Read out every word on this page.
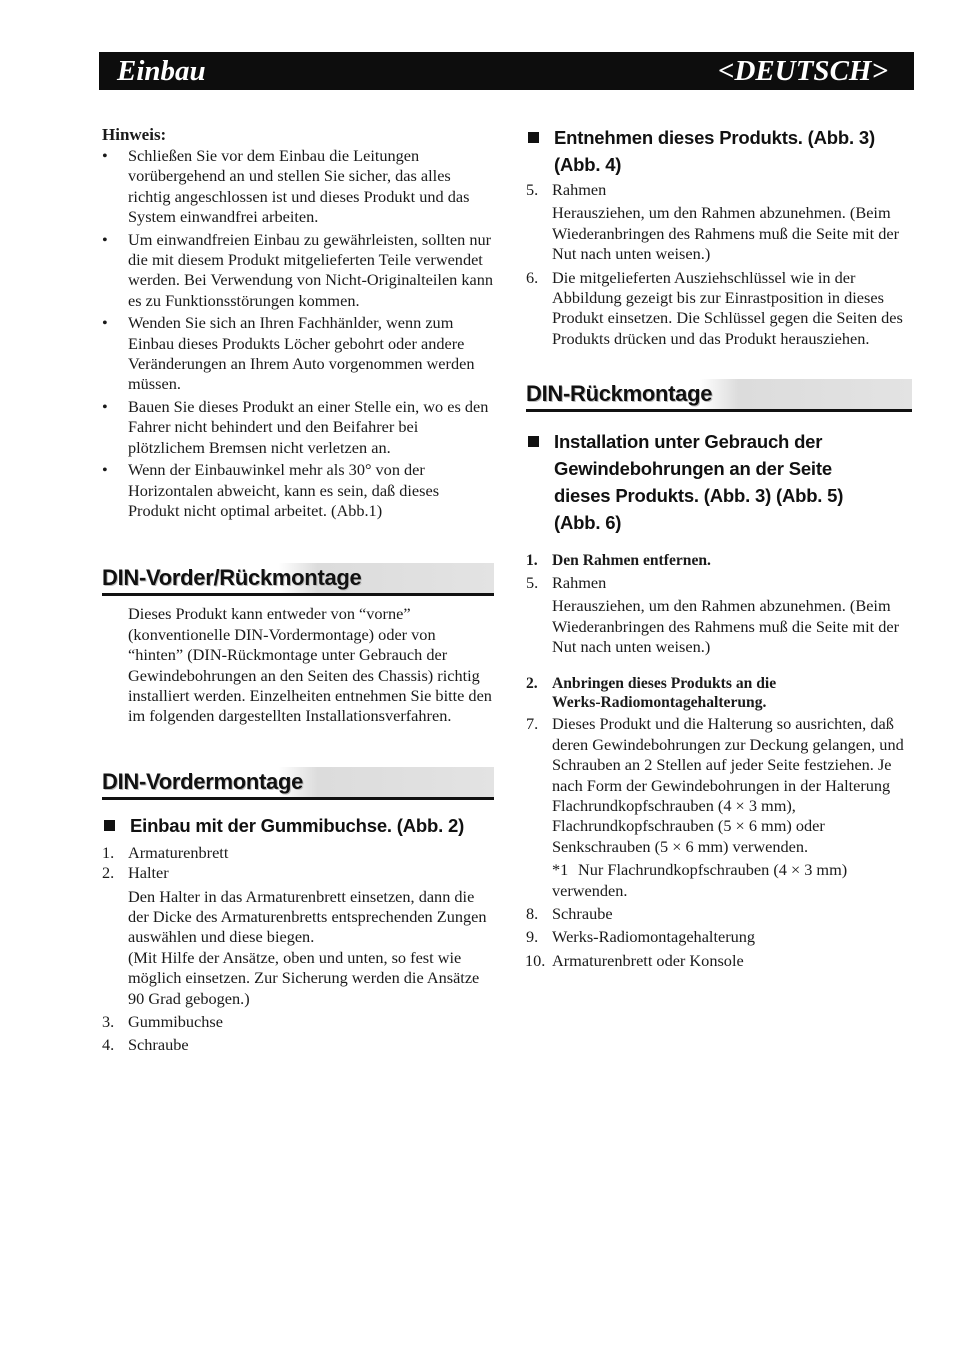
Einbau	<DEUTSCH>

Hinweis:

• Schließen Sie vor dem Einbau die Leitungen vorübergehend an und stellen Sie sicher, das alles richtig angeschlossen ist und dieses Produkt und das System einwandfrei arbeiten.
• Um einwandfreien Einbau zu gewährleisten, sollten nur die mit diesem Produkt mitgelieferten Teile verwendet werden. Bei Verwendung von Nicht-Originalteilen kann es zu Funktionsstörungen kommen.
• Wenden Sie sich an Ihren Fachhänlder, wenn zum Einbau dieses Produkts Löcher gebohrt oder andere Veränderungen an Ihrem Auto vorgenommen werden müssen.
• Bauen Sie dieses Produkt an einer Stelle ein, wo es den Fahrer nicht behindert und den Beifahrer bei plötzlichem Bremsen nicht verletzen an.
• Wenn der Einbauwinkel mehr als 30° von der Horizontalen abweicht, kann es sein, daß dieses Produkt nicht optimal arbeitet. (Abb.1)
DIN-Vorder/Rückmontage
Dieses Produkt kann entweder von “vorne” (konventionelle DIN-Vordermontage) oder von “hinten” (DIN-Rückmontage unter Gebrauch der Gewindebohrungen an den Seiten des Chassis) richtig installiert werden. Einzelheiten entnehmen Sie bitte den im folgenden dargestellten Installationsverfahren.
DIN-Vordermontage
Einbau mit der Gummibuchse. (Abb. 2)
1. Armaturenbrett
2. Halter
Den Halter in das Armaturenbrett einsetzen, dann die der Dicke des Armaturenbretts entsprechenden Zungen auswählen und diese biegen.
(Mit Hilfe der Ansätze, oben und unten, so fest wie möglich einsetzen. Zur Sicherung werden die Ansätze 90 Grad gebogen.)
3. Gummibuchse
4. Schraube
Entnehmen dieses Produkts. (Abb. 3)
(Abb. 4)
5. Rahmen
Herausziehen, um den Rahmen abzunehmen. (Beim Wiederanbringen des Rahmens muß die Seite mit der Nut nach unten weisen.)
6. Die mitgelieferten Ausziehschlüssel wie in der Abbildung gezeigt bis zur Einrastposition in dieses Produkt einsetzen. Die Schlüssel gegen die Seiten des Produkts drücken und das Produkt herausziehen.
DIN-Rückmontage
Installation unter Gebrauch der
Gewindebohrungen an der Seite
dieses Produkts. (Abb. 3) (Abb. 5)
(Abb. 6)
1. Den Rahmen entfernen.
5. Rahmen
Herausziehen, um den Rahmen abzunehmen. (Beim Wiederanbringen des Rahmens muß die Seite mit der Nut nach unten weisen.)
2. Anbringen dieses Produkts an die
Werks-Radiomontagehalterung.
7. Dieses Produkt und die Halterung so ausrichten, daß deren Gewindebohrungen zur Deckung gelangen, und Schrauben an 2 Stellen auf jeder Seite festziehen. Je nach Form der Gewindebohrungen in der Halterung Flachrundkopfschrauben (4 × 3 mm), Flachrundkopfschrauben (5 × 6 mm) oder Senkschrauben (5 × 6 mm) verwenden.
*1 Nur Flachrundkopfschrauben (4 × 3 mm) verwenden.
8. Schraube
9. Werks-Radiomontagehalterung
10. Armaturenbrett oder Konsole
